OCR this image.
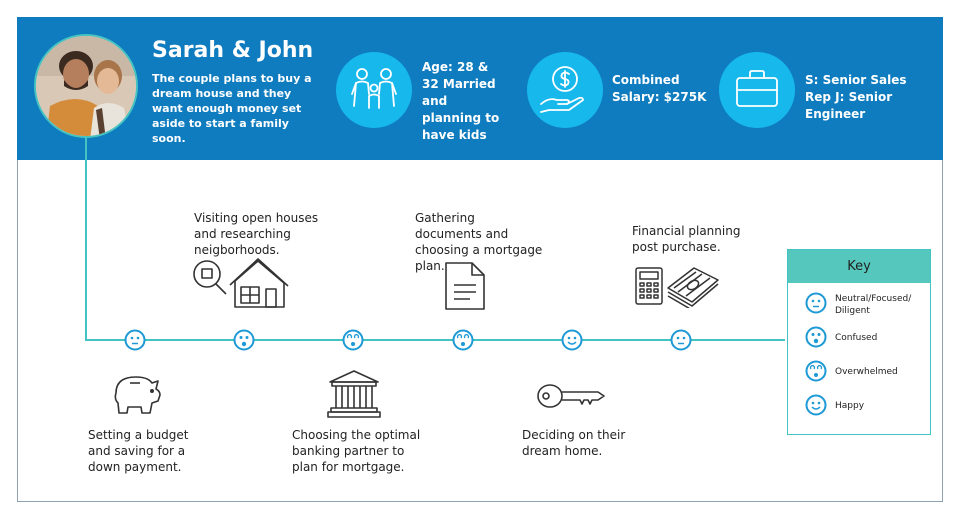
Sarah & John
The couple plans to buy a dream house and they want enough money set aside to start a family soon.
Age: 28 & 32 Married and planning to have kids
Combined Salary: $275K
S: Senior Sales Rep J: Senior Engineer
Setting a budget and saving for a down payment.
Visiting open houses and researching neigborhoods.
Choosing the optimal banking partner to plan for mortgage.
Gathering documents and choosing a mortgage plan.
Deciding on their dream home.
Financial planning post purchase.
Key
Neutral/Focused/ Diligent
Confused
Overwhelmed
Happy
